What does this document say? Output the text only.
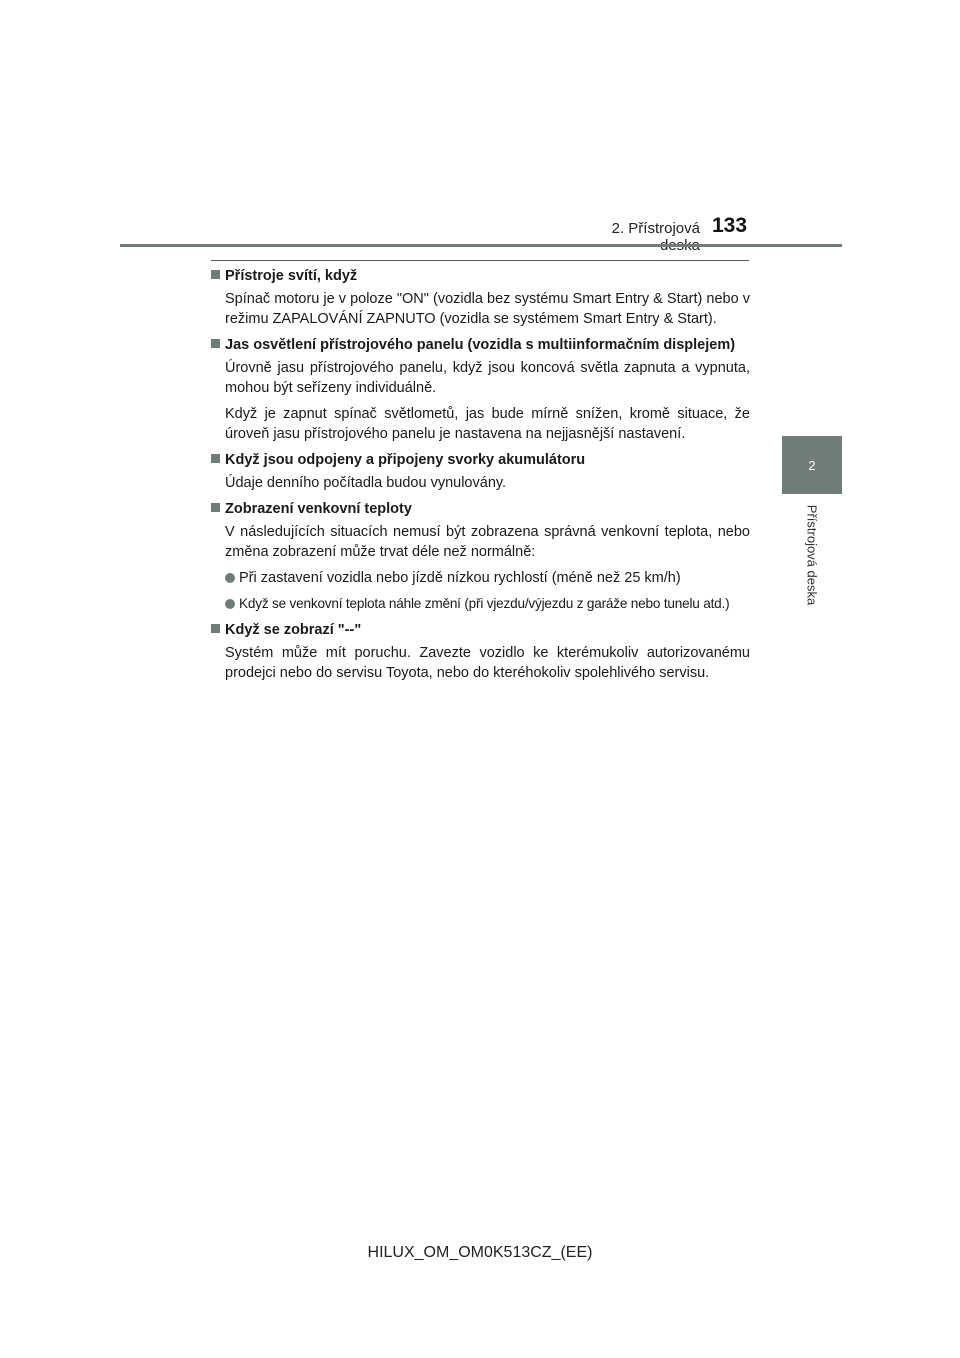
2. Přístrojová 133
2
Přístrojová deska
Přístroje svítí, když

Spínač motoru je v poloze "ON" (vozidla bez systému Smart Entry & Start) nebo v režimu ZAPALOVÁNÍ ZAPNUTO (vozidla se systémem Smart Entry & Start).

Jas osvětlení přístrojového panelu (vozidla s multiinformačním displejem)

Úrovně jasu přístrojového panelu, když jsou koncová světla zapnuta a vypnuta, mohou být seřízeny individuálně.

Když je zapnut spínač světlometů, jas bude mírně snížen, kromě situace, že úroveň jasu přístrojového panelu je nastavena na nejjasnější nastavení.

Když jsou odpojeny a připojeny svorky akumulátoru

Údaje denního počítadla budou vynulovány.

Zobrazení venkovní teploty

V následujících situacích nemusí být zobrazena správná venkovní teplota, nebo změna zobrazení může trvat déle než normálně:

Při zastavení vozidla nebo jízdě nízkou rychlostí (méně než 25 km/h)
Když se venkovní teplota náhle změní (při vjezdu/výjezdu z garáže nebo tunelu atd.)
Když se zobrazí "--"

Systém může mít poruchu. Zavezte vozidlo ke kterémukoliv autorizovanému prodejci nebo do servisu Toyota, nebo do kteréhokoliv spolehlivého servisu.

HILUX_OM_OM0K513CZ_(EE)
